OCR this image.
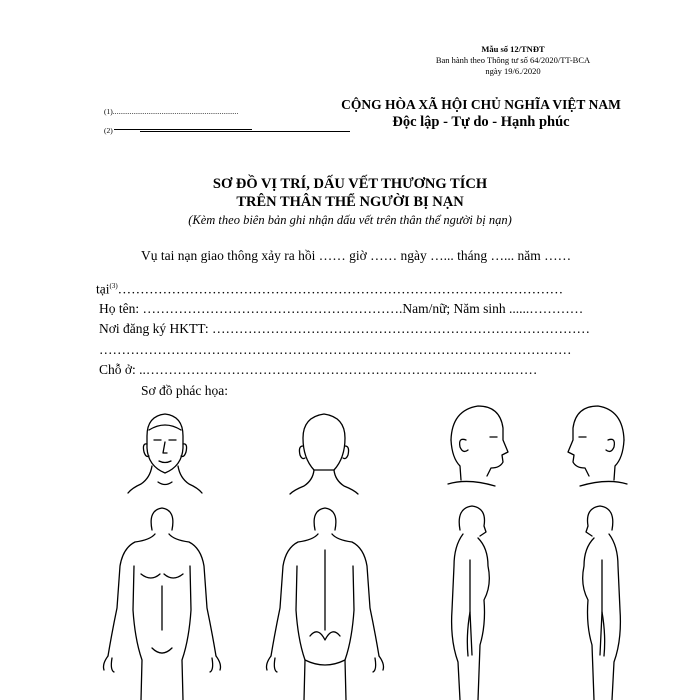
Mẫu số 12/TNĐT
Ban hành theo Thông tư số 64/2020/TT-BCA
ngày 19/6./2020
(1)...................................................................
(2)
CỘNG HÒA XÃ HỘI CHỦ NGHĨA VIỆT NAM
Độc lập - Tự do - Hạnh phúc
SƠ ĐỒ VỊ TRÍ, DẤU VẾT THƯƠNG TÍCH
TRÊN THÂN THỂ NGƯỜI BỊ NẠN
(Kèm theo biên bản ghi nhận dấu vết trên thân thể người bị nạn)
Vụ tai nạn giao thông xảy ra hồi …… giờ …… ngày …... tháng …... năm ……
tại$^{(3)}$………………………………………………………………………………………
Họ tên: ………………………………………………….Nam/nữ; Năm sinh ......…………
Nơi đăng ký HKTT: …………………………………………………………………………
……………………………………………………………………………………………
Chỗ ở: ..……………………………………………………………...……….……
Sơ đồ phác họa:
